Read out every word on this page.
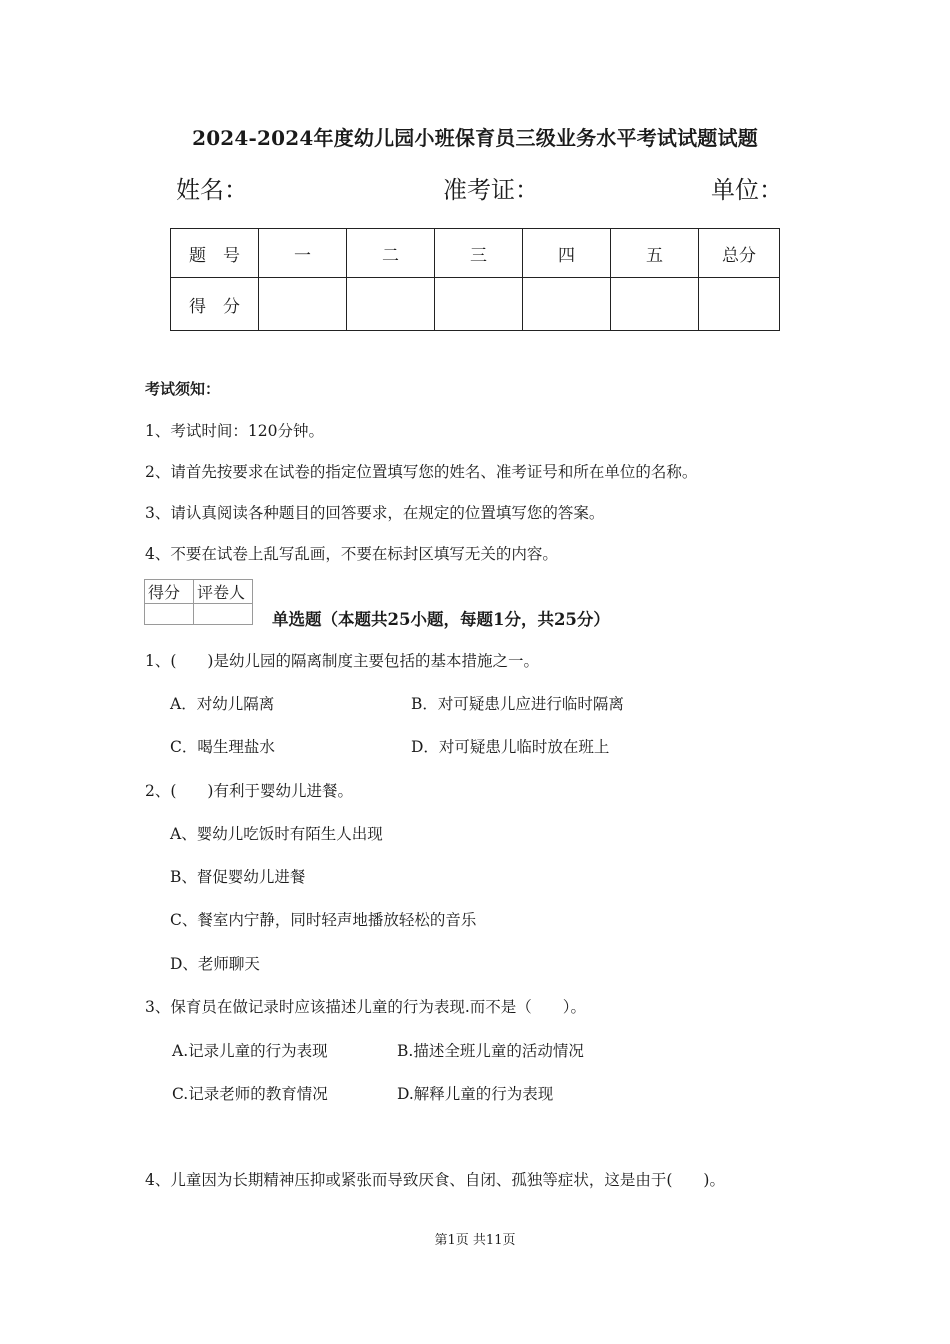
2024-2024年度幼儿园小班保育员三级业务水平考试试题试题
姓名：	准考证：	单位：
题　号	一	二	三	四	五	总分
得　分						
考试须知：
1、考试时间：120分钟。
2、请首先按要求在试卷的指定位置填写您的姓名、准考证号和所在单位的名称。
3、请认真阅读各种题目的回答要求，在规定的位置填写您的答案。
4、不要在试卷上乱写乱画，不要在标封区填写无关的内容。
得分	评卷人

单选题（本题共25小题，每题1分，共25分）
1、(　　)是幼儿园的隔离制度主要包括的基本措施之一。
A．对幼儿隔离	B．对可疑患儿应进行临时隔离
C．喝生理盐水	D．对可疑患儿临时放在班上
2、(　　)有利于婴幼儿进餐。
A、婴幼儿吃饭时有陌生人出现
B、督促婴幼儿进餐
C、餐室内宁静，同时轻声地播放轻松的音乐
D、老师聊天
3、保育员在做记录时应该描述儿童的行为表现.而不是（　　）。
A.记录儿童的行为表现	B.描述全班儿童的活动情况
C.记录老师的教育情况	D.解释儿童的行为表现
4、儿童因为长期精神压抑或紧张而导致厌食、自闭、孤独等症状，这是由于(　　)。
第1页 共11页
